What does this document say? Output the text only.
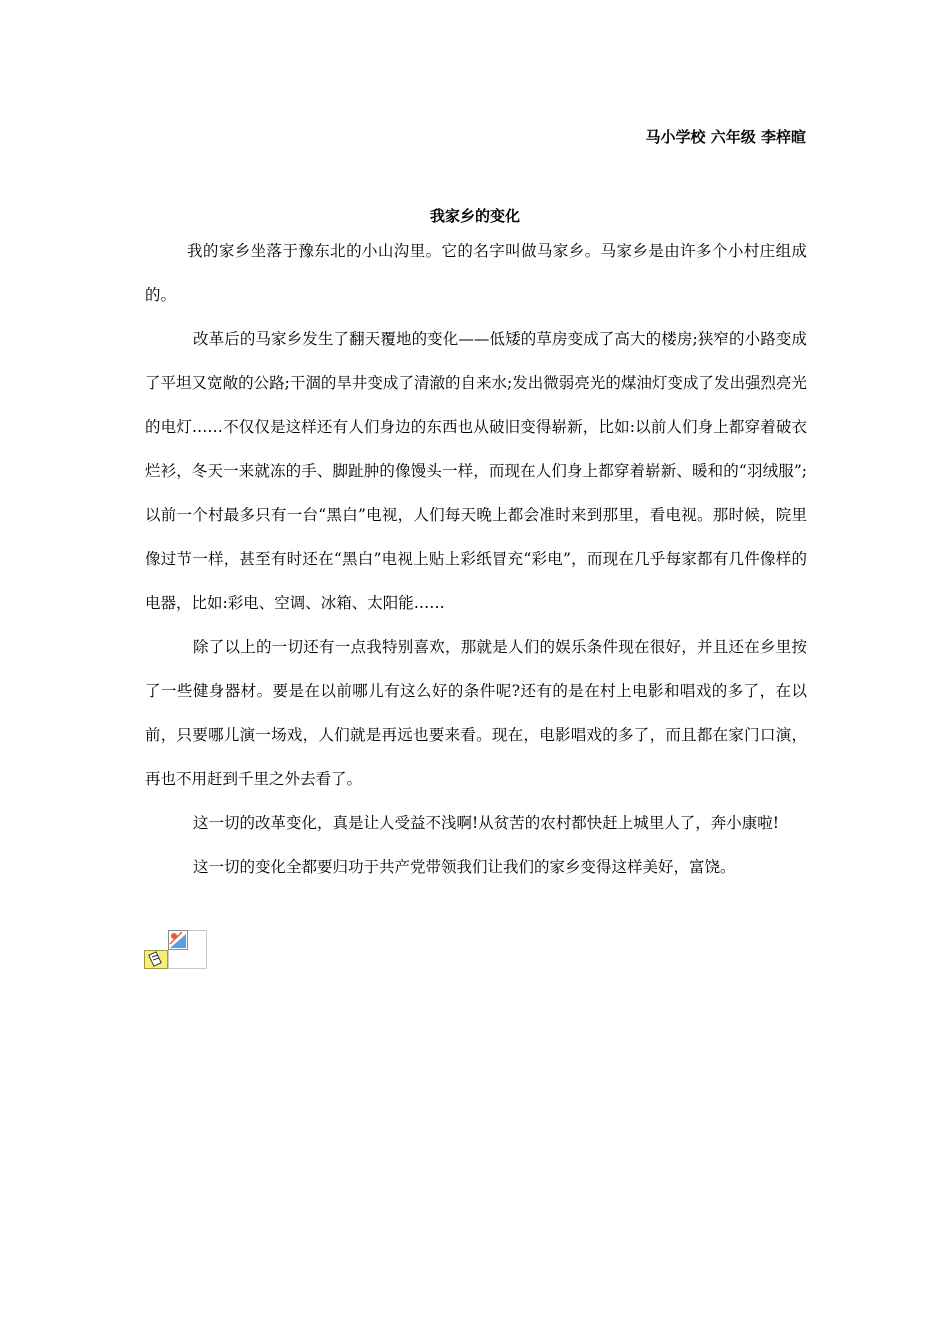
马小学校 六年级 李梓暄
我家乡的变化

我的家乡坐落于豫东北的小山沟里。它的名字叫做马家乡。马家乡是由许多个小村庄组成的。

改革后的马家乡发生了翻天覆地的变化——低矮的草房变成了高大的楼房;狭窄的小路变成了平坦又宽敞的公路;干涸的旱井变成了清澈的自来水;发出微弱亮光的煤油灯变成了发出强烈亮光的电灯……不仅仅是这样还有人们身边的东西也从破旧变得崭新，比如:以前人们身上都穿着破衣烂衫，冬天一来就冻的手、脚趾肿的像馒头一样，而现在人们身上都穿着崭新、暖和的“羽绒服”;以前一个村最多只有一台“黑白”电视，人们每天晚上都会准时来到那里，看电视。那时候，院里像过节一样，甚至有时还在“黑白”电视上贴上彩纸冒充“彩电”，而现在几乎每家都有几件像样的电器，比如:彩电、空调、冰箱、太阳能……

除了以上的一切还有一点我特别喜欢，那就是人们的娱乐条件现在很好，并且还在乡里按了一些健身器材。要是在以前哪儿有这么好的条件呢?还有的是在村上电影和唱戏的多了，在以前，只要哪儿演一场戏，人们就是再远也要来看。现在，电影唱戏的多了，而且都在家门口演，再也不用赶到千里之外去看了。

这一切的改革变化，真是让人受益不浅啊!从贫苦的农村都快赶上城里人了，奔小康啦!

这一切的变化全都要归功于共产党带领我们让我们的家乡变得这样美好，富饶。
